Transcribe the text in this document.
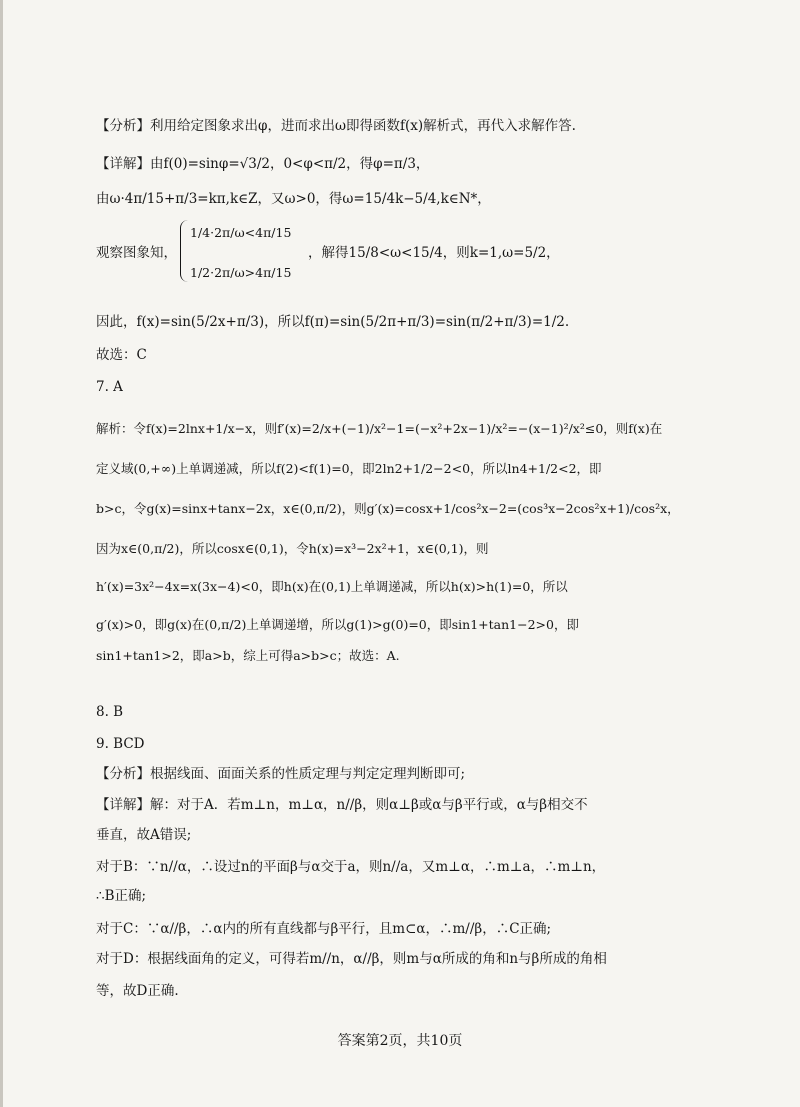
【分析】利用给定图象求出φ，进而求出ω即得函数f(x)解析式，再代入求解作答.
【详解】由f(0)=sinφ=√3/2，0<φ<π/2，得φ=π/3，
由ω·4π/15+π/3=kπ,k∈Z，又ω>0，得ω=15/4k−5/4,k∈N*，
1/4·2π/ω<4π/15
观察图象知，	，解得15/8<ω<15/4，则k=1,ω=5/2，
1/2·2π/ω>4π/15
因此，f(x)=sin(5/2x+π/3)，所以f(π)=sin(5/2π+π/3)=sin(π/2+π/3)=1/2.
故选：C
7. A
解析：令f(x)=2lnx+1/x−x，则f′(x)=2/x+(−1)/x²−1=(−x²+2x−1)/x²=−(x−1)²/x²≤0，则f(x)在
定义域(0,+∞)上单调递减，所以f(2)<f(1)=0，即2ln2+1/2−2<0，所以ln4+1/2<2，即
b>c，令g(x)=sinx+tanx−2x，x∈(0,π/2)，则g′(x)=cosx+1/cos²x−2=(cos³x−2cos²x+1)/cos²x，
因为x∈(0,π/2)，所以cosx∈(0,1)，令h(x)=x³−2x²+1，x∈(0,1)，则
h′(x)=3x²−4x=x(3x−4)<0，即h(x)在(0,1)上单调递减，所以h(x)>h(1)=0，所以
g′(x)>0，即g(x)在(0,π/2)上单调递增，所以g(1)>g(0)=0，即sin1+tan1−2>0，即
sin1+tan1>2，即a>b，综上可得a>b>c；故选：A.
8. B
9. BCD
【分析】根据线面、面面关系的性质定理与判定定理判断即可;
【详解】解：对于A．若m⊥n，m⊥α，n//β，则α⊥β或α与β平行或，α与β相交不
垂直，故A错误;
对于B：∵n//α，∴设过n的平面β与α交于a，则n//a，又m⊥α，∴m⊥a，∴m⊥n，
∴B正确;
对于C：∵α//β，∴α内的所有直线都与β平行，且m⊂α，∴m//β，∴C正确;
对于D：根据线面角的定义，可得若m//n，α//β，则m与α所成的角和n与β所成的角相
等，故D正确.
答案第2页，共10页
